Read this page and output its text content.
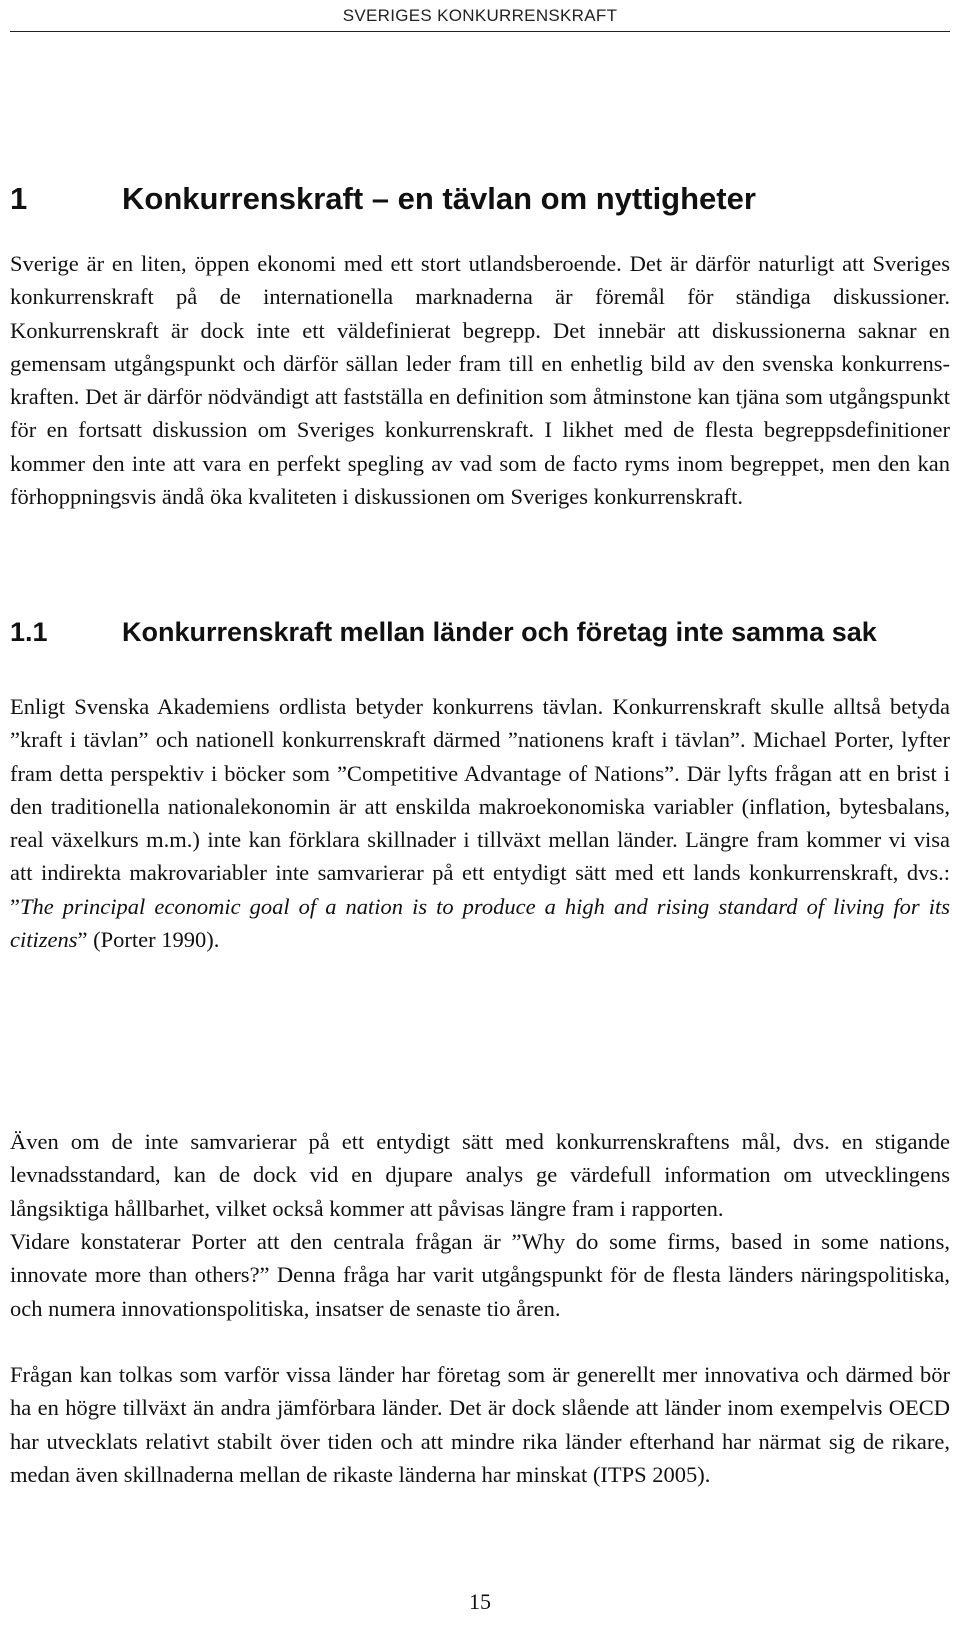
SVERIGES KONKURRENSKRAFT
1	Konkurrenskraft – en tävlan om nyttigheter

Sverige är en liten, öppen ekonomi med ett stort utlandsberoende. Det är därför naturligt att Sveriges konkurrenskraft på de internationella marknaderna är föremål för ständiga diskussioner. Konkurrenskraft är dock inte ett väldefinierat begrepp. Det innebär att diskussionerna saknar en gemensam utgångspunkt och därför sällan leder fram till en enhetlig bild av den svenska konkurrenskraften. Det är därför nödvändigt att fastställa en definition som åtminstone kan tjäna som utgångspunkt för en fortsatt diskussion om Sveriges konkurrenskraft. I likhet med de flesta begreppsdefinitioner kommer den inte att vara en perfekt spegling av vad som de facto ryms inom begreppet, men den kan förhoppningsvis ändå öka kvaliteten i diskussionen om Sveriges konkurrenskraft.

1.1	Konkurrenskraft mellan länder och företag inte samma sak

Enligt Svenska Akademiens ordlista betyder konkurrens tävlan. Konkurrenskraft skulle alltså betyda ”kraft i tävlan” och nationell konkurrenskraft därmed ”nationens kraft i tävlan”. Michael Porter, lyfter fram detta perspektiv i böcker som ”Competitive Advantage of Nations”. Där lyfts frågan att en brist i den traditionella nationalekonomin är att enskilda makroekonomiska variabler (inflation, bytesbalans, real växelkurs m.m.) inte kan förklara skillnader i tillväxt mellan länder. Längre fram kommer vi visa att indirekta makrovariabler inte samvarierar på ett entydigt sätt med ett lands konkurrenskraft, dvs.: ”The principal economic goal of a nation is to produce a high and rising standard of living for its citizens” (Porter 1990).

Även om de inte samvarierar på ett entydigt sätt med konkurrenskraftens mål, dvs. en stigande levnadsstandard, kan de dock vid en djupare analys ge värdefull information om utvecklingens långsiktiga hållbarhet, vilket också kommer att påvisas längre fram i rapporten.

Vidare konstaterar Porter att den centrala frågan är ”Why do some firms, based in some nations, innovate more than others?” Denna fråga har varit utgångspunkt för de flesta länders näringspolitiska, och numera innovationspolitiska, insatser de senaste tio åren.

Frågan kan tolkas som varför vissa länder har företag som är generellt mer innovativa och därmed bör ha en högre tillväxt än andra jämförbara länder. Det är dock slående att länder inom exempelvis OECD har utvecklats relativt stabilt över tiden och att mindre rika länder efterhand har närmat sig de rikare, medan även skillnaderna mellan de rikaste länderna har minskat (ITPS 2005).

15
